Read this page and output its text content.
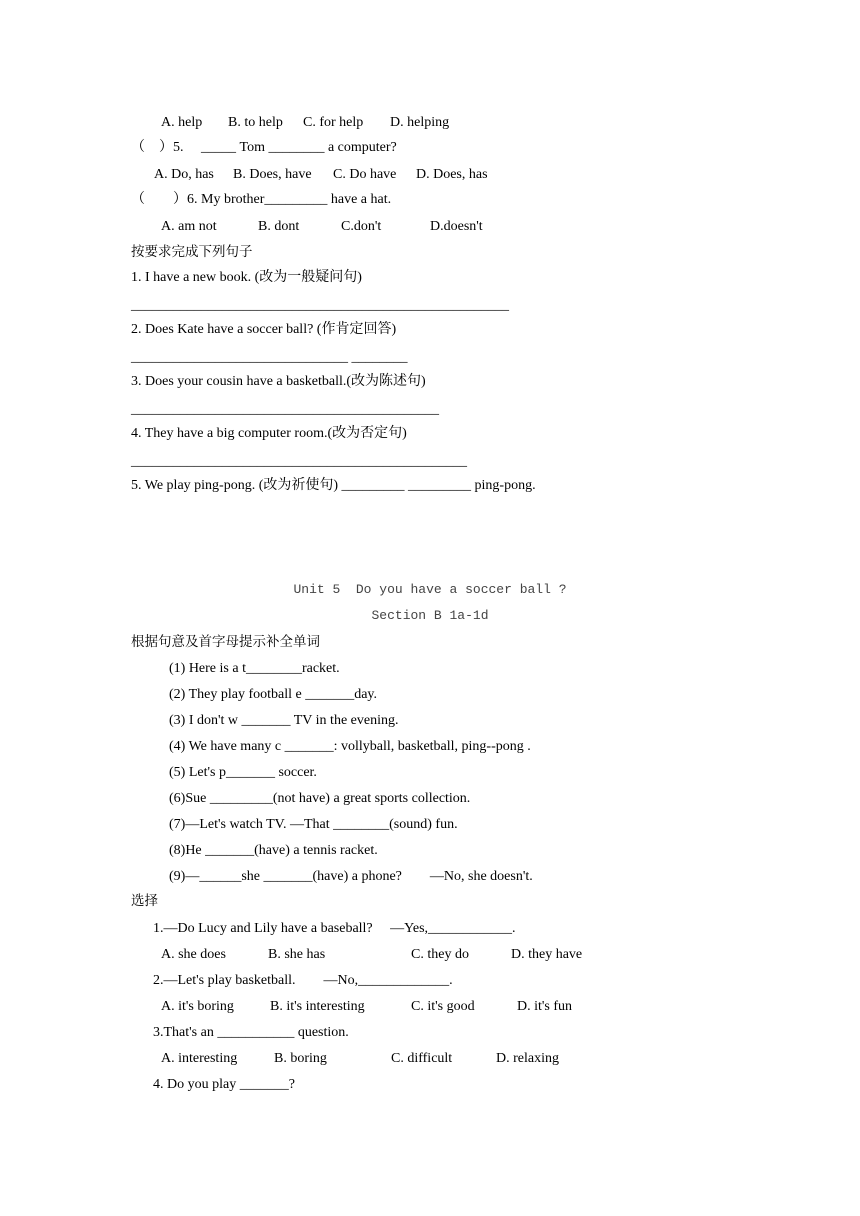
A. help B. to help C. for help D. helping
（　）5.　 _____ Tom ________ a computer?
A. Do, has B. Does, have C. Do have D. Does, has
（　　）6. My brother_________ have a hat.
A. am not	B. dont	C.don't	D.doesn't
按要求完成下列句子
1. I have a new book. (改为一般疑问句)
______________________________________________________
2. Does Kate have a soccer ball? (作肯定回答)
_______________________________ ________
3. Does your cousin have a basketball.(改为陈述句)
____________________________________________
4. They have a big computer room.(改为否定句)
________________________________________________
5. We play ping-pong. (改为祈使句) _________ _________ ping-pong.
Unit 5  Do you have a soccer ball ?
Section B 1a-1d
根据句意及首字母提示补全单词
(1) Here is a t________racket.
(2) They play football e _______day.
(3) I don't w _______ TV in the evening.
(4) We have many c _______: vollyball, basketball, ping--pong .
(5) Let's p_______ soccer.
(6)Sue _________(not have) a great sports collection.
(7)—Let's watch TV. —That ________(sound) fun.
(8)He _______(have) a tennis racket.
(9)—______she _______(have) a phone?　　—No, she doesn't.
选择
1.—Do Lucy and Lily have a baseball?　 —Yes,____________.
A. she does	B. she has	C. they do	D. they have
2.—Let's play basketball.　　—No,_____________.
A. it's boring	B. it's interesting	C. it's good	D. it's fun
3.That's an ___________ question.
A. interesting	B. boring	C. difficult	D. relaxing
4. Do you play _______?
